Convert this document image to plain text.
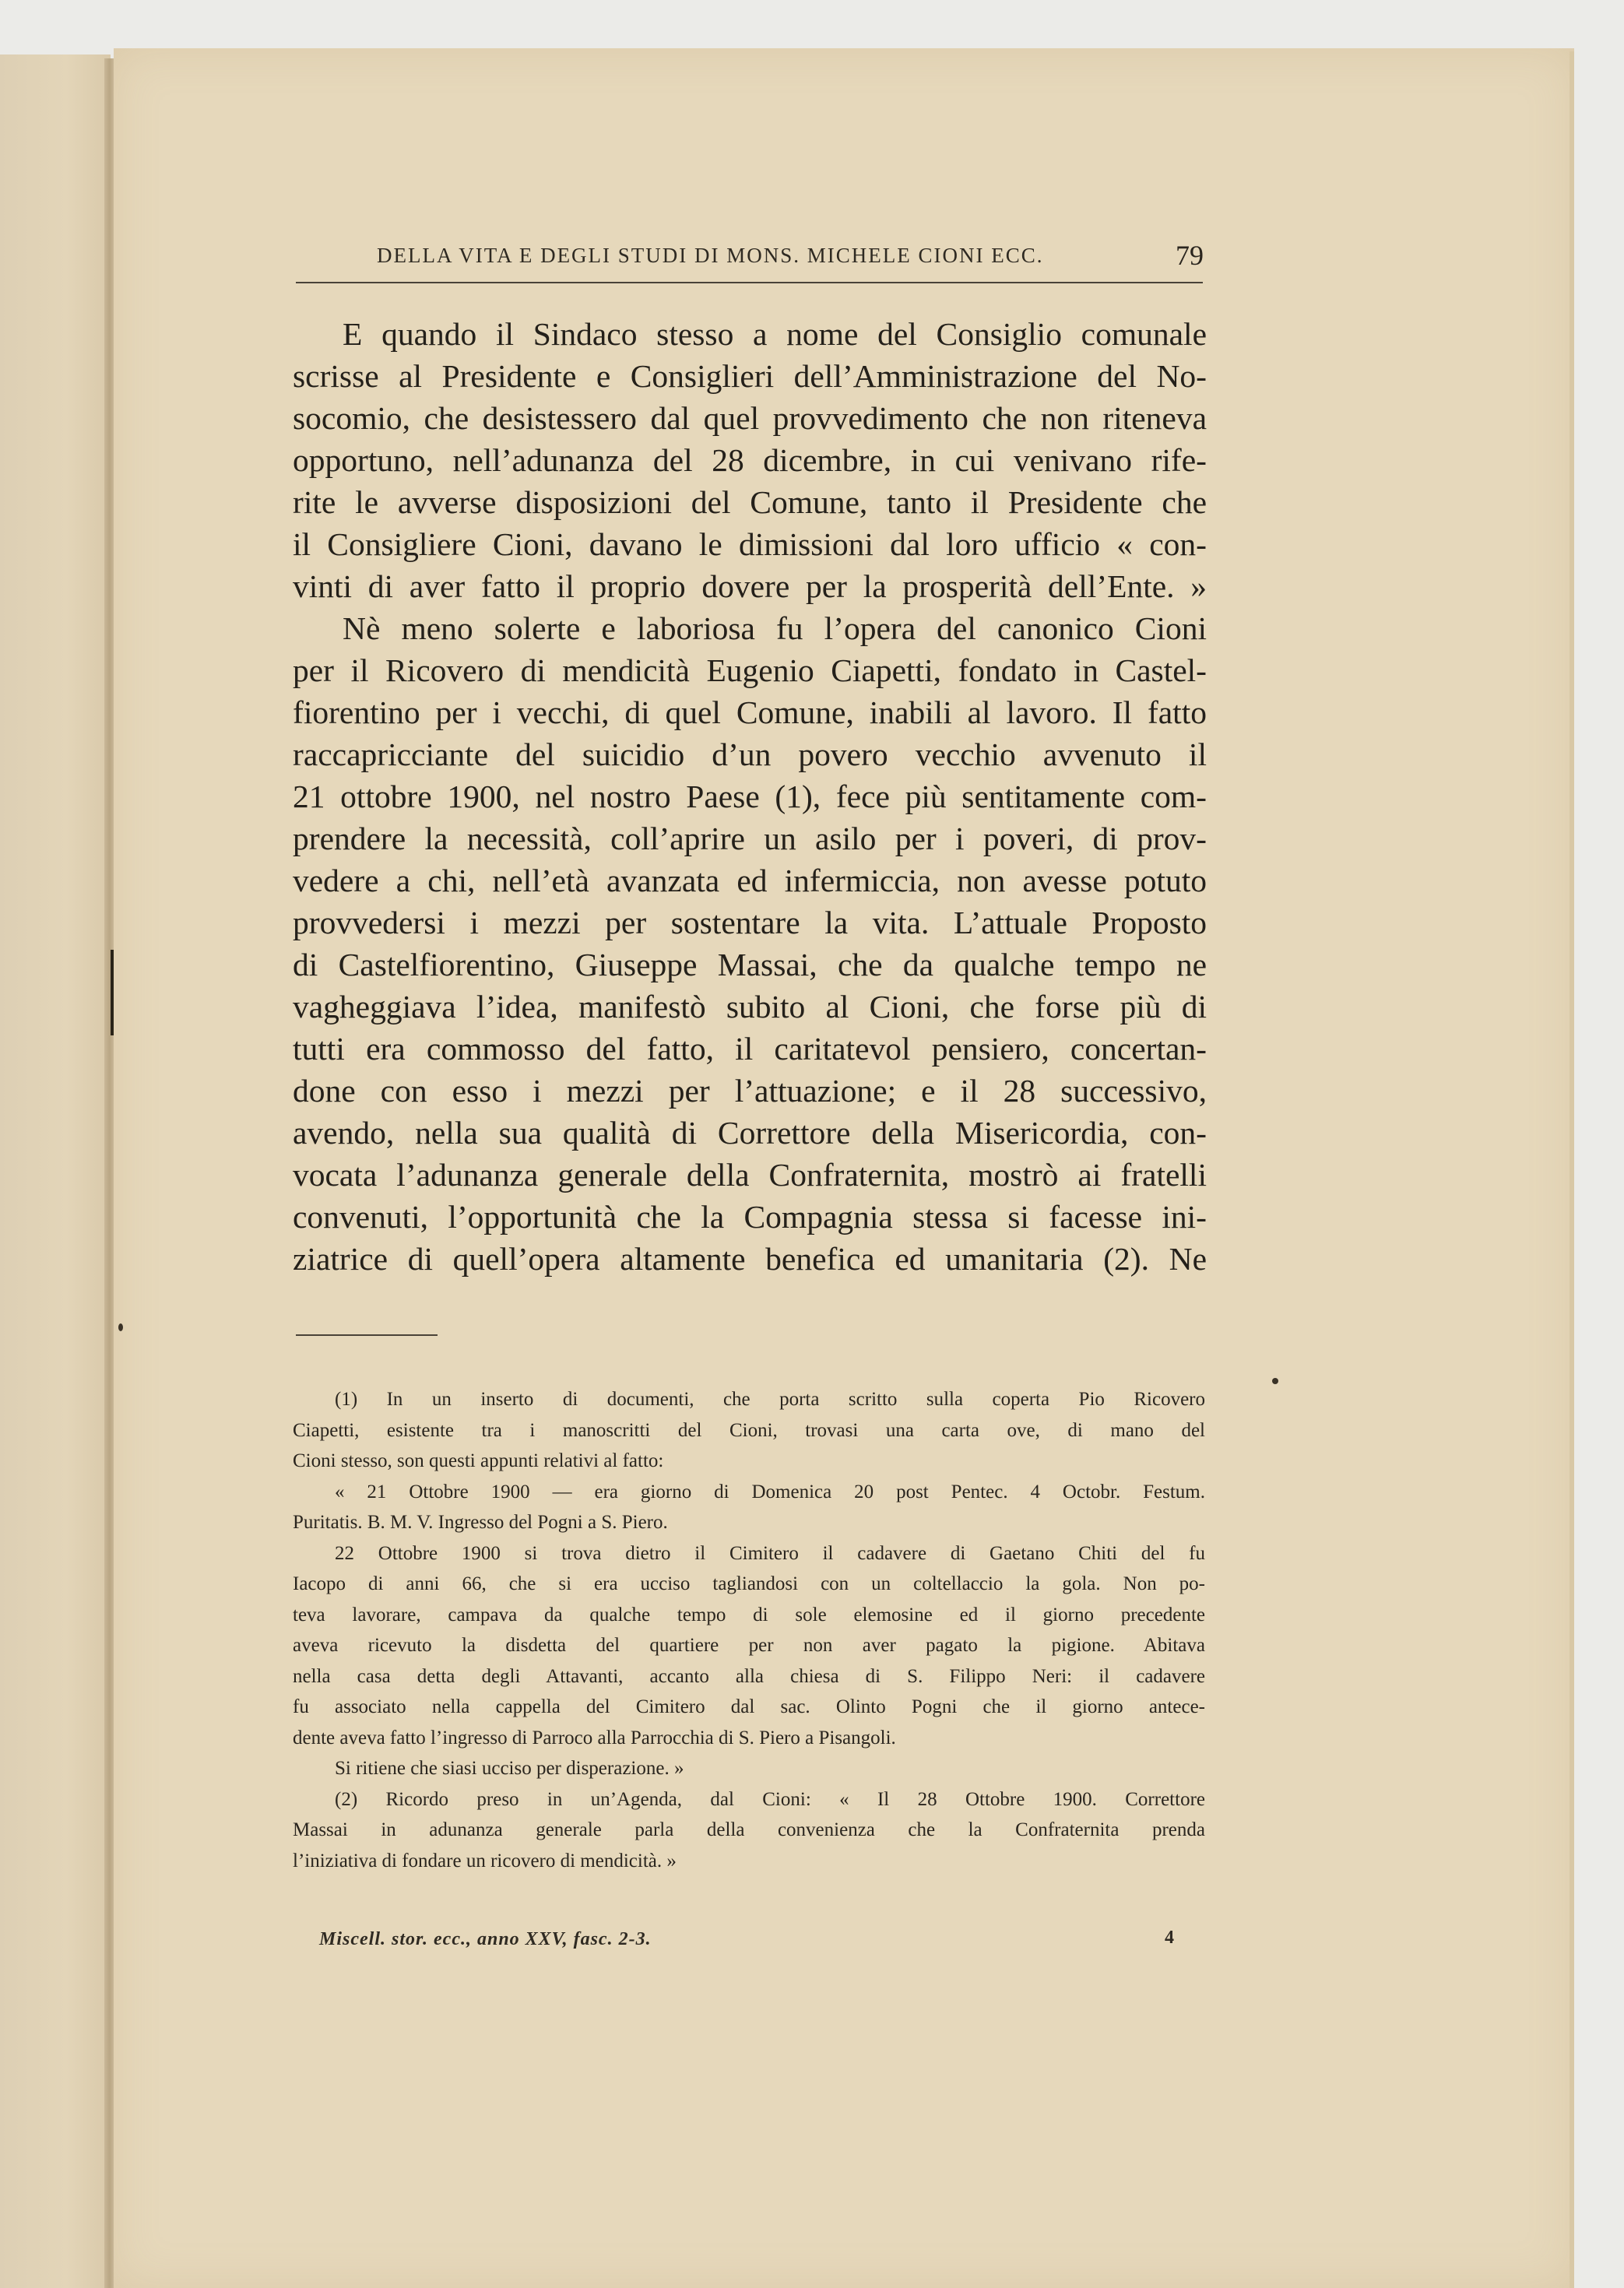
DELLA VITA E DEGLI STUDI DI MONS. MICHELE CIONI ECC.	79
E quando il Sindaco stesso a nome del Consiglio comunale
scrisse al Presidente e Consiglieri dell’Amministrazione del No-
socomio, che desistessero dal quel provvedimento che non riteneva
opportuno, nell’adunanza del 28 dicembre, in cui venivano rife-
rite le avverse disposizioni del Comune, tanto il Presidente che
il Consigliere Cioni, davano le dimissioni dal loro ufficio « con-
vinti di aver fatto il proprio dovere per la prosperità dell’Ente. »
Nè meno solerte e laboriosa fu l’opera del canonico Cioni
per il Ricovero di mendicità Eugenio Ciapetti, fondato in Castel-
fiorentino per i vecchi, di quel Comune, inabili al lavoro. Il fatto
raccapricciante del suicidio d’un povero vecchio avvenuto il
21 ottobre 1900, nel nostro Paese (1), fece più sentitamente com-
prendere la necessità, coll’aprire un asilo per i poveri, di prov-
vedere a chi, nell’età avanzata ed infermiccia, non avesse potuto
provvedersi i mezzi per sostentare la vita. L’attuale Proposto
di Castelfiorentino, Giuseppe Massai, che da qualche tempo ne
vagheggiava l’idea, manifestò subito al Cioni, che forse più di
tutti era commosso del fatto, il caritatevol pensiero, concertan-
done con esso i mezzi per l’attuazione; e il 28 successivo,
avendo, nella sua qualità di Correttore della Misericordia, con-
vocata l’adunanza generale della Confraternita, mostrò ai fratelli
convenuti, l’opportunità che la Compagnia stessa si facesse ini-
ziatrice di quell’opera altamente benefica ed umanitaria (2). Ne
(1) In un inserto di documenti, che porta scritto sulla coperta Pio Ricovero
Ciapetti, esistente tra i manoscritti del Cioni, trovasi una carta ove, di mano del
Cioni stesso, son questi appunti relativi al fatto:
« 21 Ottobre 1900 — era giorno di Domenica 20 post Pentec. 4 Octobr. Festum.
Puritatis. B. M. V. Ingresso del Pogni a S. Piero.
22 Ottobre 1900 si trova dietro il Cimitero il cadavere di Gaetano Chiti del fu
Iacopo di anni 66, che si era ucciso tagliandosi con un coltellaccio la gola. Non po-
teva lavorare, campava da qualche tempo di sole elemosine ed il giorno precedente
aveva ricevuto la disdetta del quartiere per non aver pagato la pigione. Abitava
nella casa detta degli Attavanti, accanto alla chiesa di S. Filippo Neri: il cadavere
fu associato nella cappella del Cimitero dal sac. Olinto Pogni che il giorno antece-
dente aveva fatto l’ingresso di Parroco alla Parrocchia di S. Piero a Pisangoli.
Si ritiene che siasi ucciso per disperazione. »
(2) Ricordo preso in un’Agenda, dal Cioni: « Il 28 Ottobre 1900. Correttore
Massai in adunanza generale parla della convenienza che la Confraternita prenda
l’iniziativa di fondare un ricovero di mendicità. »
Miscell. stor. ecc., anno XXV, fasc. 2-3.	4
